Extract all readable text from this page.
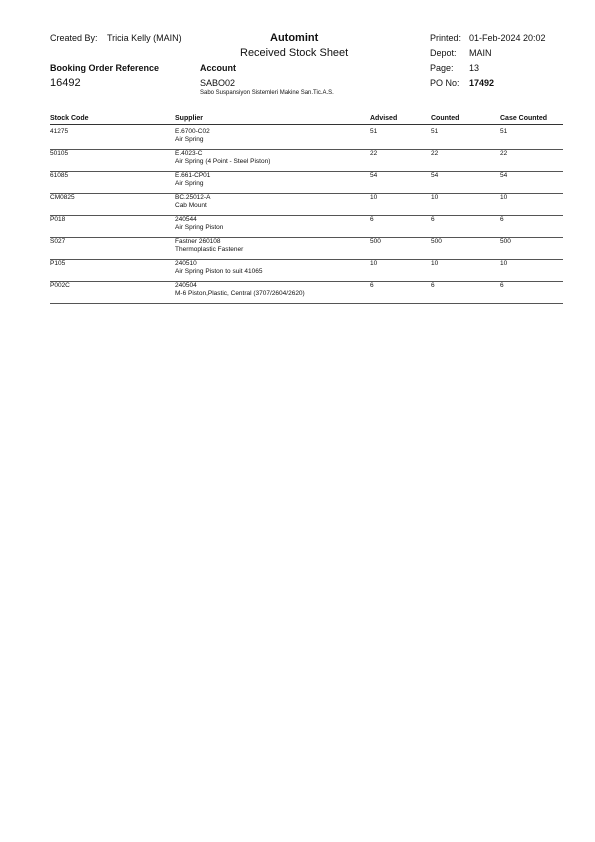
Created By: Tricia Kelly (MAIN)	Automint
Received Stock Sheet
Printed: 01-Feb-2024 20:02
Depot: MAIN
Booking Order Reference	Account	Page: 13
16492	SABO02	PO No: 17492
Sabo Suspansiyon Sistemleri Makine San.Tic.A.S.
Stock Code	Supplier	Advised	Counted	Case Counted
41275	E.6700-C02
Air Spring
51	51	51
50105	E.4023-C
Air Spring (4 Point - Steel Piston)
22	22	22
61085	E.661-CP01
Air Spring
54	54	54
CM0825	BC.25012-A
Cab Mount
10	10	10
P018	240544
Air Spring Piston
6	6	6
S027	Fastner 260108
Thermoplastic Fastener
500	500	500
P105	240510
Air Spring Piston to suit 41065
10	10	10
P002C	240504
M-6 Piston,Plastic, Central (3707/2604/2620)
6	6	6
